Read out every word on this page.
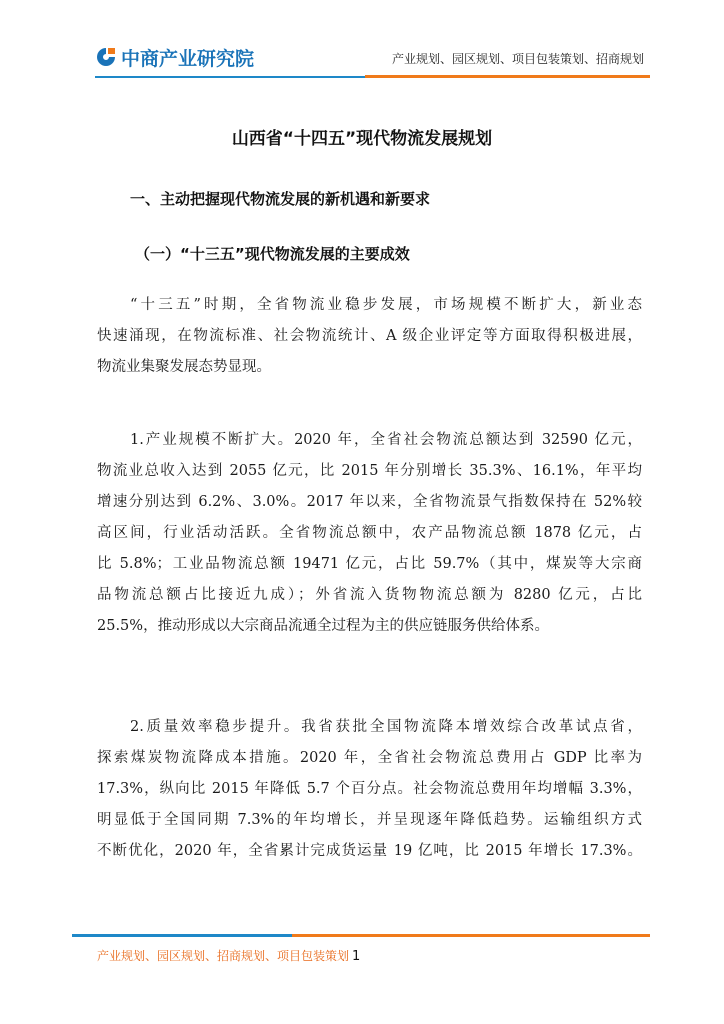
中商产业研究院	产业规划、园区规划、项目包装策划、招商规划
山西省“十四五”现代物流发展规划
一、主动把握现代物流发展的新机遇和新要求
（一）“十三五”现代物流发展的主要成效
“十三五”时期，全省物流业稳步发展，市场规模不断扩大，新业态
快速涌现，在物流标准、社会物流统计、A 级企业评定等方面取得积极进展，
物流业集聚发展态势显现。
1.产业规模不断扩大。2020 年，全省社会物流总额达到 32590 亿元，
物流业总收入达到 2055 亿元，比 2015 年分别增长 35.3%、16.1%，年平均
增速分别达到 6.2%、3.0%。2017 年以来，全省物流景气指数保持在 52%较
高区间，行业活动活跃。全省物流总额中，农产品物流总额 1878 亿元，占
比 5.8%；工业品物流总额 19471 亿元，占比 59.7%（其中，煤炭等大宗商
品物流总额占比接近九成）；外省流入货物物流总额为 8280 亿元，占比
25.5%，推动形成以大宗商品流通全过程为主的供应链服务供给体系。
2.质量效率稳步提升。我省获批全国物流降本增效综合改革试点省，
探索煤炭物流降成本措施。2020 年，全省社会物流总费用占 GDP 比率为
17.3%，纵向比 2015 年降低 5.7 个百分点。社会物流总费用年均增幅 3.3%，
明显低于全国同期 7.3%的年均增长，并呈现逐年降低趋势。运输组织方式
不断优化，2020 年，全省累计完成货运量 19 亿吨，比 2015 年增长 17.3%。
产业规划、园区规划、招商规划、项目包装策划 1
